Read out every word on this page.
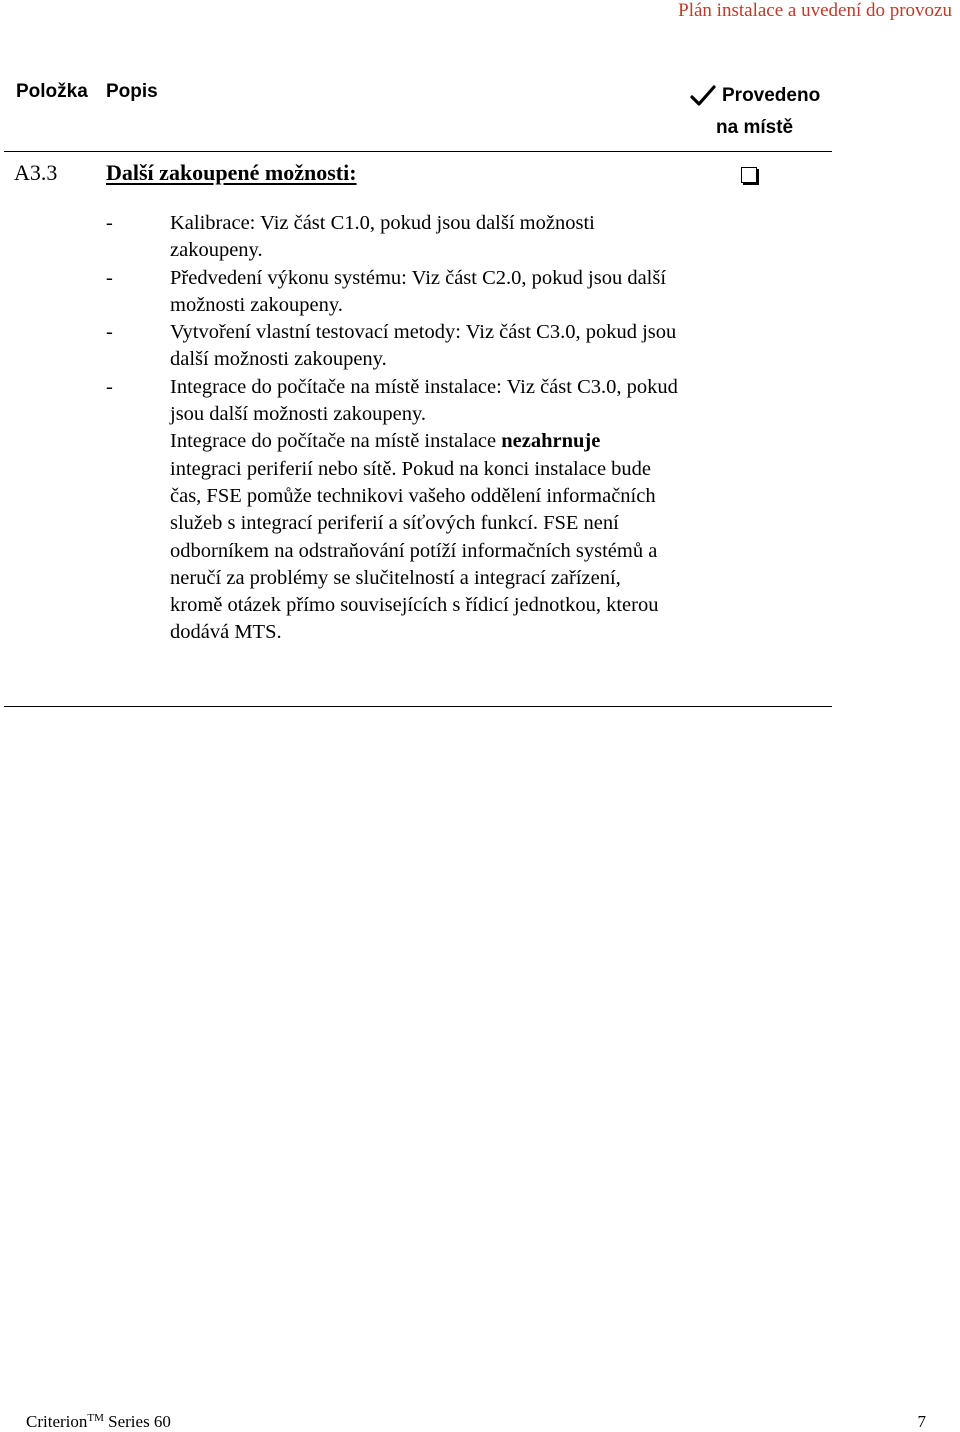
Plán instalace a uvedení do provozu
Položka Popis	Provedeno
na místě
A3.3 Další zakoupené možnosti:
-	Kalibrace: Viz část C1.0, pokud jsou další možnosti zakoupeny.
-	Předvedení výkonu systému: Viz část C2.0, pokud jsou další možnosti zakoupeny.
-	Vytvoření vlastní testovací metody: Viz část C3.0, pokud jsou další možnosti zakoupeny.
-	Integrace do počítače na místě instalace: Viz část C3.0, pokud jsou další možnosti zakoupeny.
Integrace do počítače na místě instalace nezahrnuje integraci periferií nebo sítě. Pokud na konci instalace bude čas, FSE pomůže technikovi vašeho oddělení informačních služeb s integrací periferií a síťových funkcí. FSE není odborníkem na odstraňování potíží informačních systémů a neručí za problémy se slučitelností a integrací zařízení, kromě otázek přímo souvisejících s řídicí jednotkou, kterou dodává MTS.
Criterion™ Series 60	7
